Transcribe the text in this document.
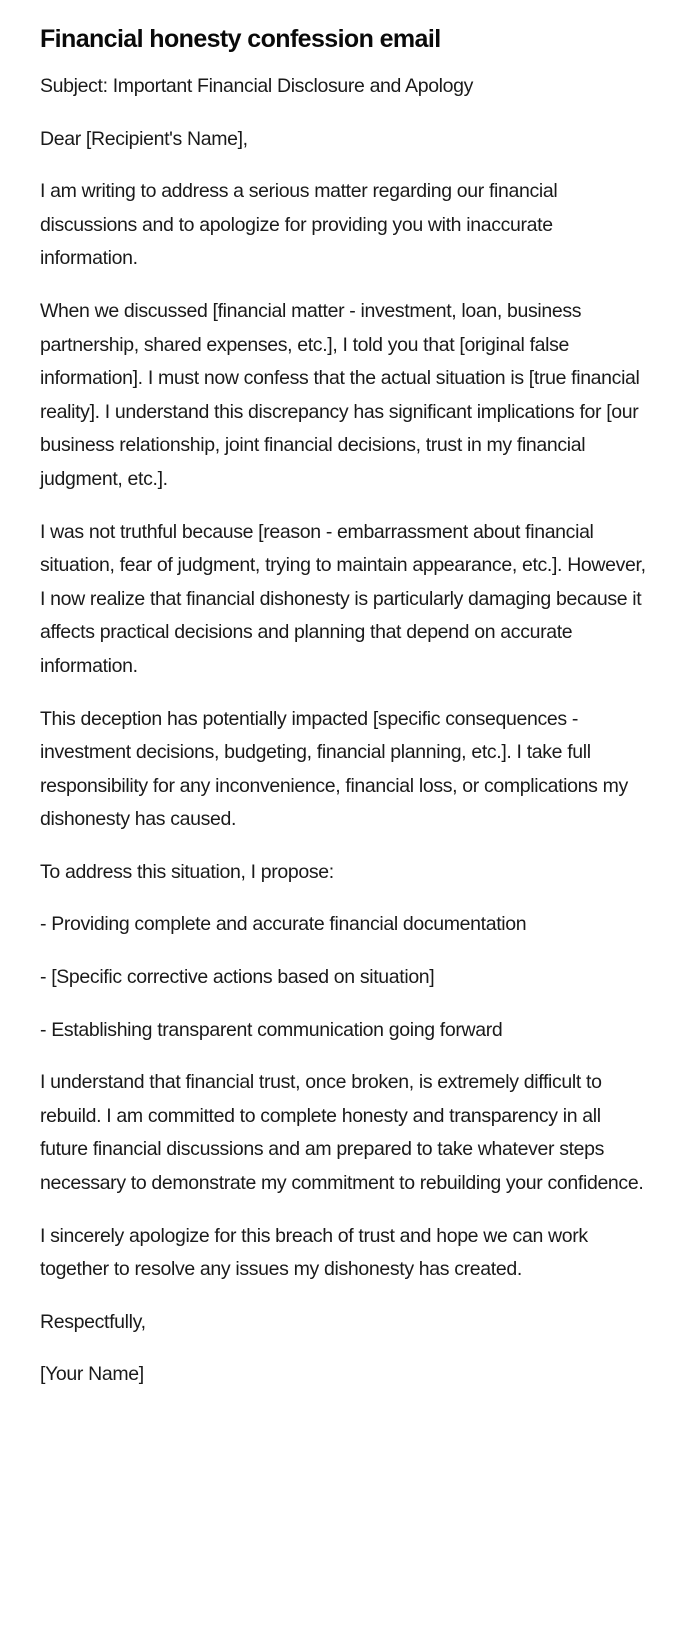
Financial honesty confession email

Subject: Important Financial Disclosure and Apology

Dear [Recipient's Name],

I am writing to address a serious matter regarding our financial discussions and to apologize for providing you with inaccurate information.

When we discussed [financial matter - investment, loan, business partnership, shared expenses, etc.], I told you that [original false information]. I must now confess that the actual situation is [true financial reality]. I understand this discrepancy has significant implications for [our business relationship, joint financial decisions, trust in my financial judgment, etc.].

I was not truthful because [reason - embarrassment about financial situation, fear of judgment, trying to maintain appearance, etc.]. However, I now realize that financial dishonesty is particularly damaging because it affects practical decisions and planning that depend on accurate information.

This deception has potentially impacted [specific consequences - investment decisions, budgeting, financial planning, etc.]. I take full responsibility for any inconvenience, financial loss, or complications my dishonesty has caused.

To address this situation, I propose:

- Providing complete and accurate financial documentation

- [Specific corrective actions based on situation]

- Establishing transparent communication going forward

I understand that financial trust, once broken, is extremely difficult to rebuild. I am committed to complete honesty and transparency in all future financial discussions and am prepared to take whatever steps necessary to demonstrate my commitment to rebuilding your confidence.

I sincerely apologize for this breach of trust and hope we can work together to resolve any issues my dishonesty has created.

Respectfully,

[Your Name]
